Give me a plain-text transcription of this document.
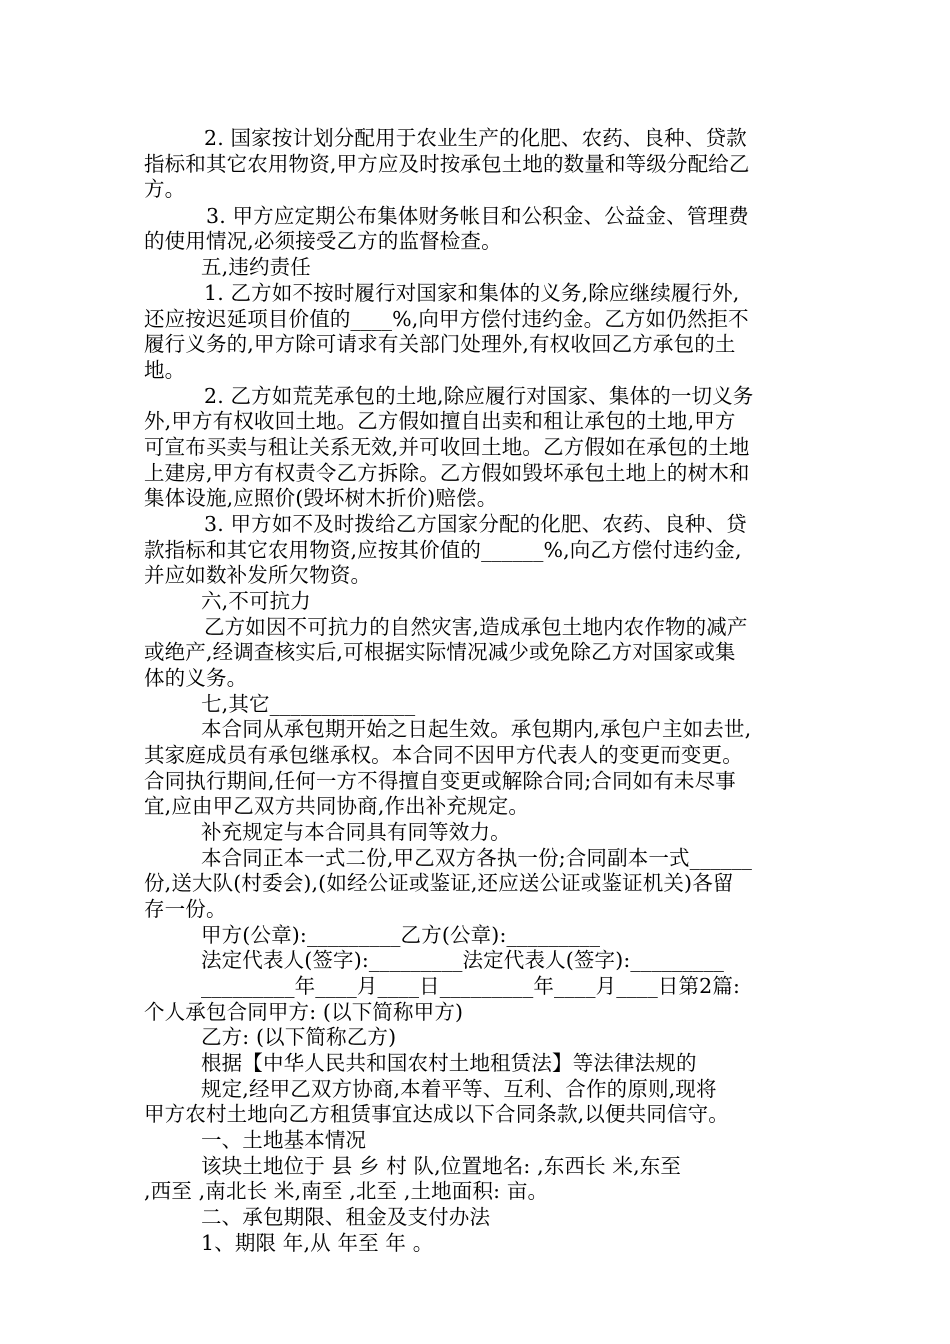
2. 国家按计划分配用于农业生产的化肥、农药、良种、贷款

指标和其它农用物资,甲方应及时按承包土地的数量和等级分配给乙

方。

3. 甲方应定期公布集体财务帐目和公积金、公益金、管理费

的使用情况,必须接受乙方的监督检查。

五,违约责任

1. 乙方如不按时履行对国家和集体的义务,除应继续履行外,

还应按迟延项目价值的____%,向甲方偿付违约金。乙方如仍然拒不

履行义务的,甲方除可请求有关部门处理外,有权收回乙方承包的土

地。

2. 乙方如荒芜承包的土地,除应履行对国家、集体的一切义务

外,甲方有权收回土地。乙方假如擅自出卖和租让承包的土地,甲方

可宣布买卖与租让关系无效,并可收回土地。乙方假如在承包的土地

上建房,甲方有权责令乙方拆除。乙方假如毁坏承包土地上的树木和

集体设施,应照价(毁坏树木折价)赔偿。

3. 甲方如不及时拨给乙方国家分配的化肥、农药、良种、贷

款指标和其它农用物资,应按其价值的______%,向乙方偿付违约金,

并应如数补发所欠物资。

六,不可抗力

乙方如因不可抗力的自然灾害,造成承包土地内农作物的减产

或绝产,经调查核实后,可根据实际情况减少或免除乙方对国家或集

体的义务。

七,其它______________

本合同从承包期开始之日起生效。承包期内,承包户主如去世,

其家庭成员有承包继承权。本合同不因甲方代表人的变更而变更。

合同执行期间,任何一方不得擅自变更或解除合同;合同如有未尽事

宜,应由甲乙双方共同协商,作出补充规定。

补充规定与本合同具有同等效力。

本合同正本一式二份,甲乙双方各执一份;合同副本一式______

份,送大队(村委会),(如经公证或鉴证,还应送公证或鉴证机关)各留

存一份。

甲方(公章):_________乙方(公章):_________

法定代表人(签字):_________法定代表人(签字):_________

_________年____月____日_________年____月____日第2篇:

个人承包合同甲方: (以下简称甲方)

乙方: (以下简称乙方)

根据【中华人民共和国农村土地租赁法】等法律法规的

规定,经甲乙双方协商,本着平等、互利、合作的原则,现将

甲方农村土地向乙方租赁事宜达成以下合同条款,以便共同信守。

一、土地基本情况

该块土地位于 县 乡 村 队,位置地名: ,东西长 米,东至

,西至 ,南北长 米,南至 ,北至 ,土地面积: 亩。

二、承包期限、租金及支付办法

1、期限 年,从 年至 年 。
